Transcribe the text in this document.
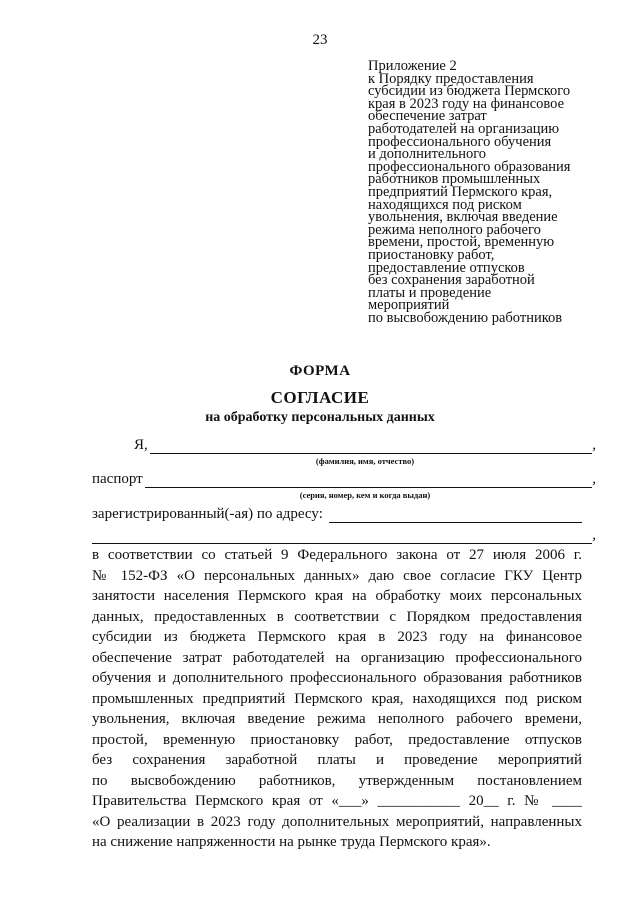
23
Приложение 2
к Порядку предоставления
субсидии из бюджета Пермского
края в 2023 году на финансовое
обеспечение затрат
работодателей на организацию
профессионального обучения
и дополнительного
профессионального образования
работников промышленных
предприятий Пермского края,
находящихся под риском
увольнения, включая введение
режима неполного рабочего
времени, простой, временную
приостановку работ,
предоставление отпусков
без сохранения заработной
платы и проведение
мероприятий
по высвобождению работников
ФОРМА
СОГЛАСИЕ
на обработку персональных данных
Я,	,
(фамилия, имя, отчество)
паспорт	,
(серия, номер, кем и когда выдан)
зарегистрированный(-ая) по адресу:
,
в соответствии со статьей 9 Федерального закона от 27 июля 2006 г.
№ 152-ФЗ «О персональных данных» даю свое согласие ГКУ Центр
занятости населения Пермского края на обработку моих персональных
данных, предоставленных в соответствии с Порядком предоставления
субсидии из бюджета Пермского края в 2023 году на финансовое
обеспечение затрат работодателей на организацию профессионального
обучения и дополнительного профессионального образования работников
промышленных предприятий Пермского края, находящихся под риском
увольнения, включая введение режима неполного рабочего времени,
простой, временную приостановку работ, предоставление отпусков
без сохранения заработной платы и проведение мероприятий
по высвобождению работников, утвержденным постановлением
Правительства Пермского края от «___» ___________ 20__ г. № ____
«О реализации в 2023 году дополнительных мероприятий, направленных
на снижение напряженности на рынке труда Пермского края».
